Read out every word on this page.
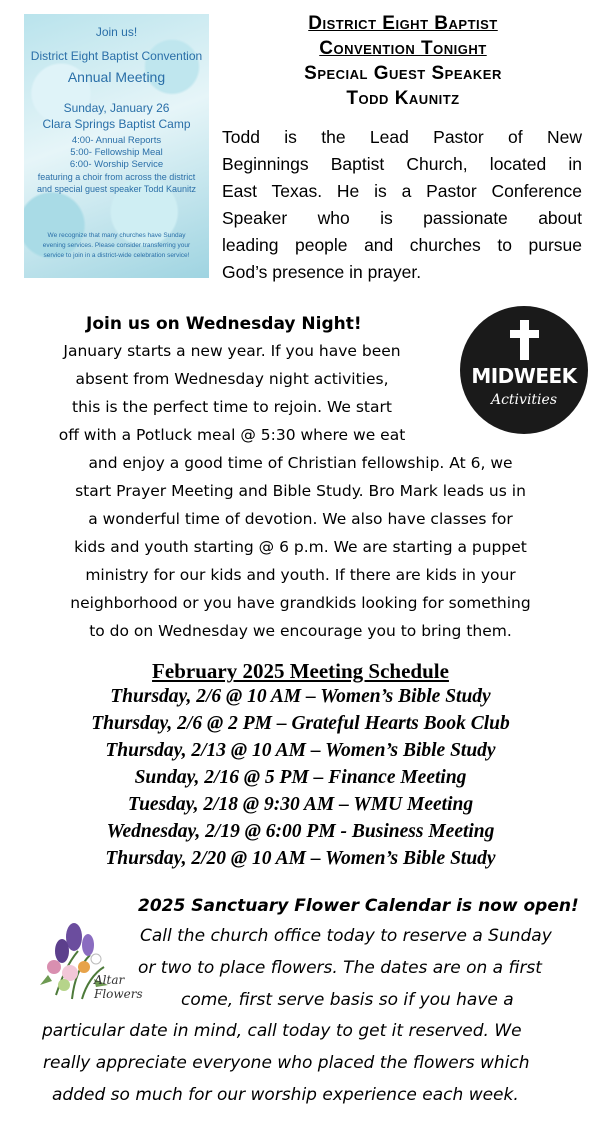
Join us!
District Eight Baptist Convention
Annual Meeting
Sunday, January 26
Clara Springs Baptist Camp
4:00- Annual Reports
5:00- Fellowship Meal
6:00- Worship Service
featuring a choir from across the district
and special guest speaker Todd Kaunitz
We recognize that many churches have Sunday
evening services. Please consider transferring your
service to join in a district-wide celebration service!
District Eight Baptist
Convention Tonight
Special Guest Speaker
Todd Kaunitz
Todd is the Lead Pastor of New
Beginnings Baptist Church, located in
East Texas. He is a Pastor Conference
Speaker who is passionate about
leading people and churches to pursue
God’s presence in prayer.
Join us on Wednesday Night!
January starts a new year. If you have been
absent from Wednesday night activities,
this is the perfect time to rejoin. We start
off with a Potluck meal @ 5:30 where we eat
and enjoy a good time of Christian fellowship. At 6, we
start Prayer Meeting and Bible Study. Bro Mark leads us in
a wonderful time of devotion. We also have classes for
kids and youth starting @ 6 p.m. We are starting a puppet
ministry for our kids and youth. If there are kids in your
neighborhood or you have grandkids looking for something
to do on Wednesday we encourage you to bring them.
MIDWEEK
Activities
February 2025 Meeting Schedule
Thursday, 2/6 @ 10 AM – Women’s Bible Study
Thursday, 2/6 @ 2 PM – Grateful Hearts Book Club
Thursday, 2/13 @ 10 AM – Women’s Bible Study
Sunday, 2/16 @ 5 PM – Finance Meeting
Tuesday, 2/18 @ 9:30 AM – WMU Meeting
Wednesday, 2/19 @ 6:00 PM - Business Meeting
Thursday, 2/20 @ 10 AM – Women’s Bible Study
Altar
Flowers
2025 Sanctuary Flower Calendar is now open!
Call the church office today to reserve a Sunday
or two to place flowers. The dates are on a first
come, first serve basis so if you have a
particular date in mind, call today to get it reserved. We
really appreciate everyone who placed the flowers which
added so much for our worship experience each week.
